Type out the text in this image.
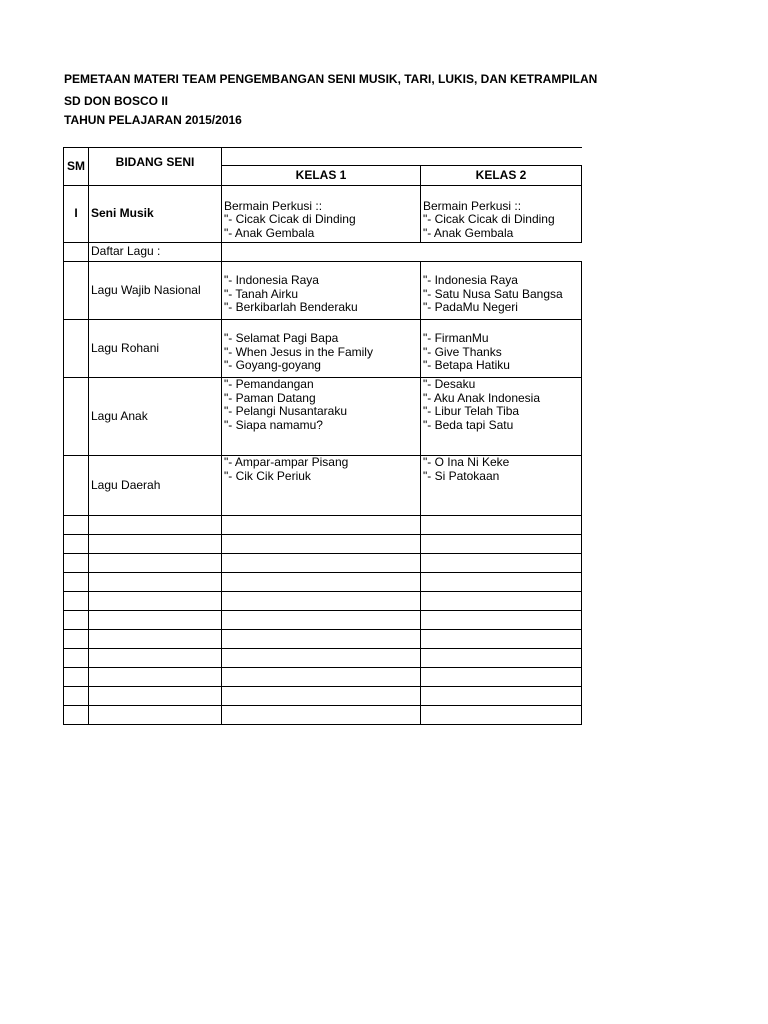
PEMETAAN MATERI TEAM PENGEMBANGAN SENI MUSIK, TARI, LUKIS, DAN KETRAMPILAN
SD DON BOSCO II
TAHUN PELAJARAN 2015/2016
SM	BIDANG SENI		
		KELAS 1	KELAS 2
I	Seni Musik	Bermain Perkusi ::
"- Cicak Cicak di Dinding
"- Anak Gembala	Bermain Perkusi ::
"- Cicak Cicak di Dinding
"- Anak Gembala

	Daftar Lagu :		
	Lagu Wajib Nasional	"- Indonesia Raya
"- Tanah Airku
"- Berkibarlah Benderaku	"- Indonesia Raya
"- Satu Nusa Satu Bangsa
"- PadaMu Negeri

	Lagu Rohani	"- Selamat Pagi Bapa
"- When Jesus in the Family
"- Goyang-goyang	"- FirmanMu
"- Give Thanks
"- Betapa Hatiku

	Lagu Anak	"- Pemandangan
"- Paman Datang
"- Pelangi Nusantaraku
"- Siapa namamu?	"- Desaku
"- Aku Anak Indonesia
"- Libur Telah Tiba
"- Beda tapi Satu

	Lagu Daerah	"- Ampar-ampar Pisang
"- Cik Cik Periuk	"- O Ina Ni Keke
"- Si Patokaan
